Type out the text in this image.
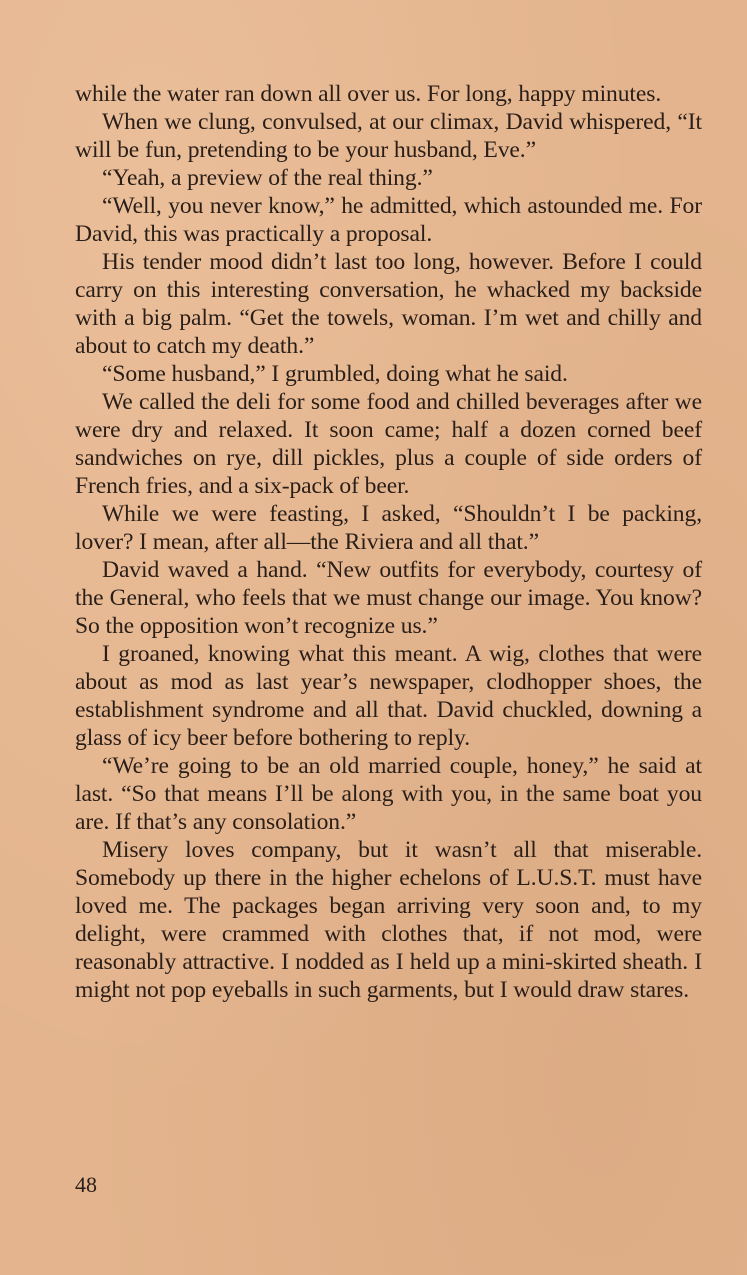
while the water ran down all over us. For long, happy minutes.

When we clung, convulsed, at our climax, David whispered, “It will be fun, pretending to be your husband, Eve.”

“Yeah, a preview of the real thing.”

“Well, you never know,” he admitted, which astounded me. For David, this was practically a proposal.

His tender mood didn’t last too long, however. Before I could carry on this interesting conversation, he whacked my backside with a big palm. “Get the towels, woman. I’m wet and chilly and about to catch my death.”

“Some husband,” I grumbled, doing what he said.

We called the deli for some food and chilled beverages after we were dry and relaxed. It soon came; half a dozen corned beef sandwiches on rye, dill pickles, plus a couple of side orders of French fries, and a six-pack of beer.

While we were feasting, I asked, “Shouldn’t I be packing, lover? I mean, after all—the Riviera and all that.”

David waved a hand. “New outfits for everybody, courtesy of the General, who feels that we must change our image. You know? So the opposition won’t recognize us.”

I groaned, knowing what this meant. A wig, clothes that were about as mod as last year’s newspaper, clodhopper shoes, the establishment syndrome and all that. David chuckled, downing a glass of icy beer before bothering to reply.

“We’re going to be an old married couple, honey,” he said at last. “So that means I’ll be along with you, in the same boat you are. If that’s any consolation.”

Misery loves company, but it wasn’t all that miserable. Somebody up there in the higher echelons of L.U.S.T. must have loved me. The packages began arriving very soon and, to my delight, were crammed with clothes that, if not mod, were reasonably attractive. I nodded as I held up a mini-skirted sheath. I might not pop eyeballs in such garments, but I would draw stares.

48
